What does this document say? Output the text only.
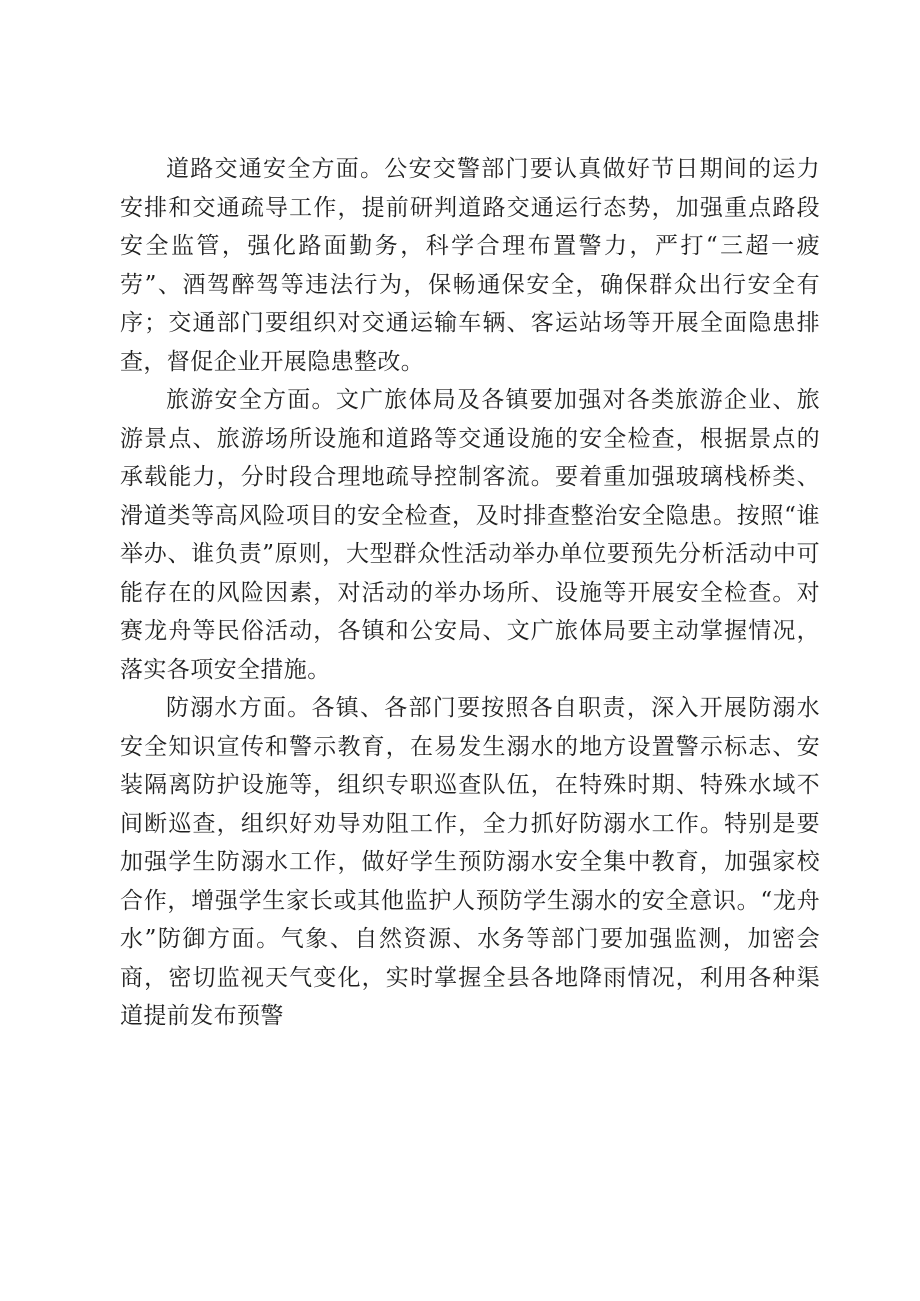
道路交通安全方面。公安交警部门要认真做好节日期间的运力安排和交通疏导工作，提前研判道路交通运行态势，加强重点路段安全监管，强化路面勤务，科学合理布置警力，严打“三超一疲劳”、酒驾醉驾等违法行为，保畅通保安全，确保群众出行安全有序；交通部门要组织对交通运输车辆、客运站场等开展全面隐患排查，督促企业开展隐患整改。

旅游安全方面。文广旅体局及各镇要加强对各类旅游企业、旅游景点、旅游场所设施和道路等交通设施的安全检查，根据景点的承载能力，分时段合理地疏导控制客流。要着重加强玻璃栈桥类、滑道类等高风险项目的安全检查，及时排查整治安全隐患。按照“谁举办、谁负责”原则，大型群众性活动举办单位要预先分析活动中可能存在的风险因素，对活动的举办场所、设施等开展安全检查。对赛龙舟等民俗活动，各镇和公安局、文广旅体局要主动掌握情况，落实各项安全措施。

防溺水方面。各镇、各部门要按照各自职责，深入开展防溺水安全知识宣传和警示教育，在易发生溺水的地方设置警示标志、安装隔离防护设施等，组织专职巡查队伍，在特殊时期、特殊水域不间断巡查，组织好劝导劝阻工作，全力抓好防溺水工作。特别是要加强学生防溺水工作，做好学生预防溺水安全集中教育，加强家校合作，增强学生家长或其他监护人预防学生溺水的安全意识。“龙舟水”防御方面。气象、自然资源、水务等部门要加强监测，加密会商，密切监视天气变化，实时掌握全县各地降雨情况，利用各种渠道提前发布预警
